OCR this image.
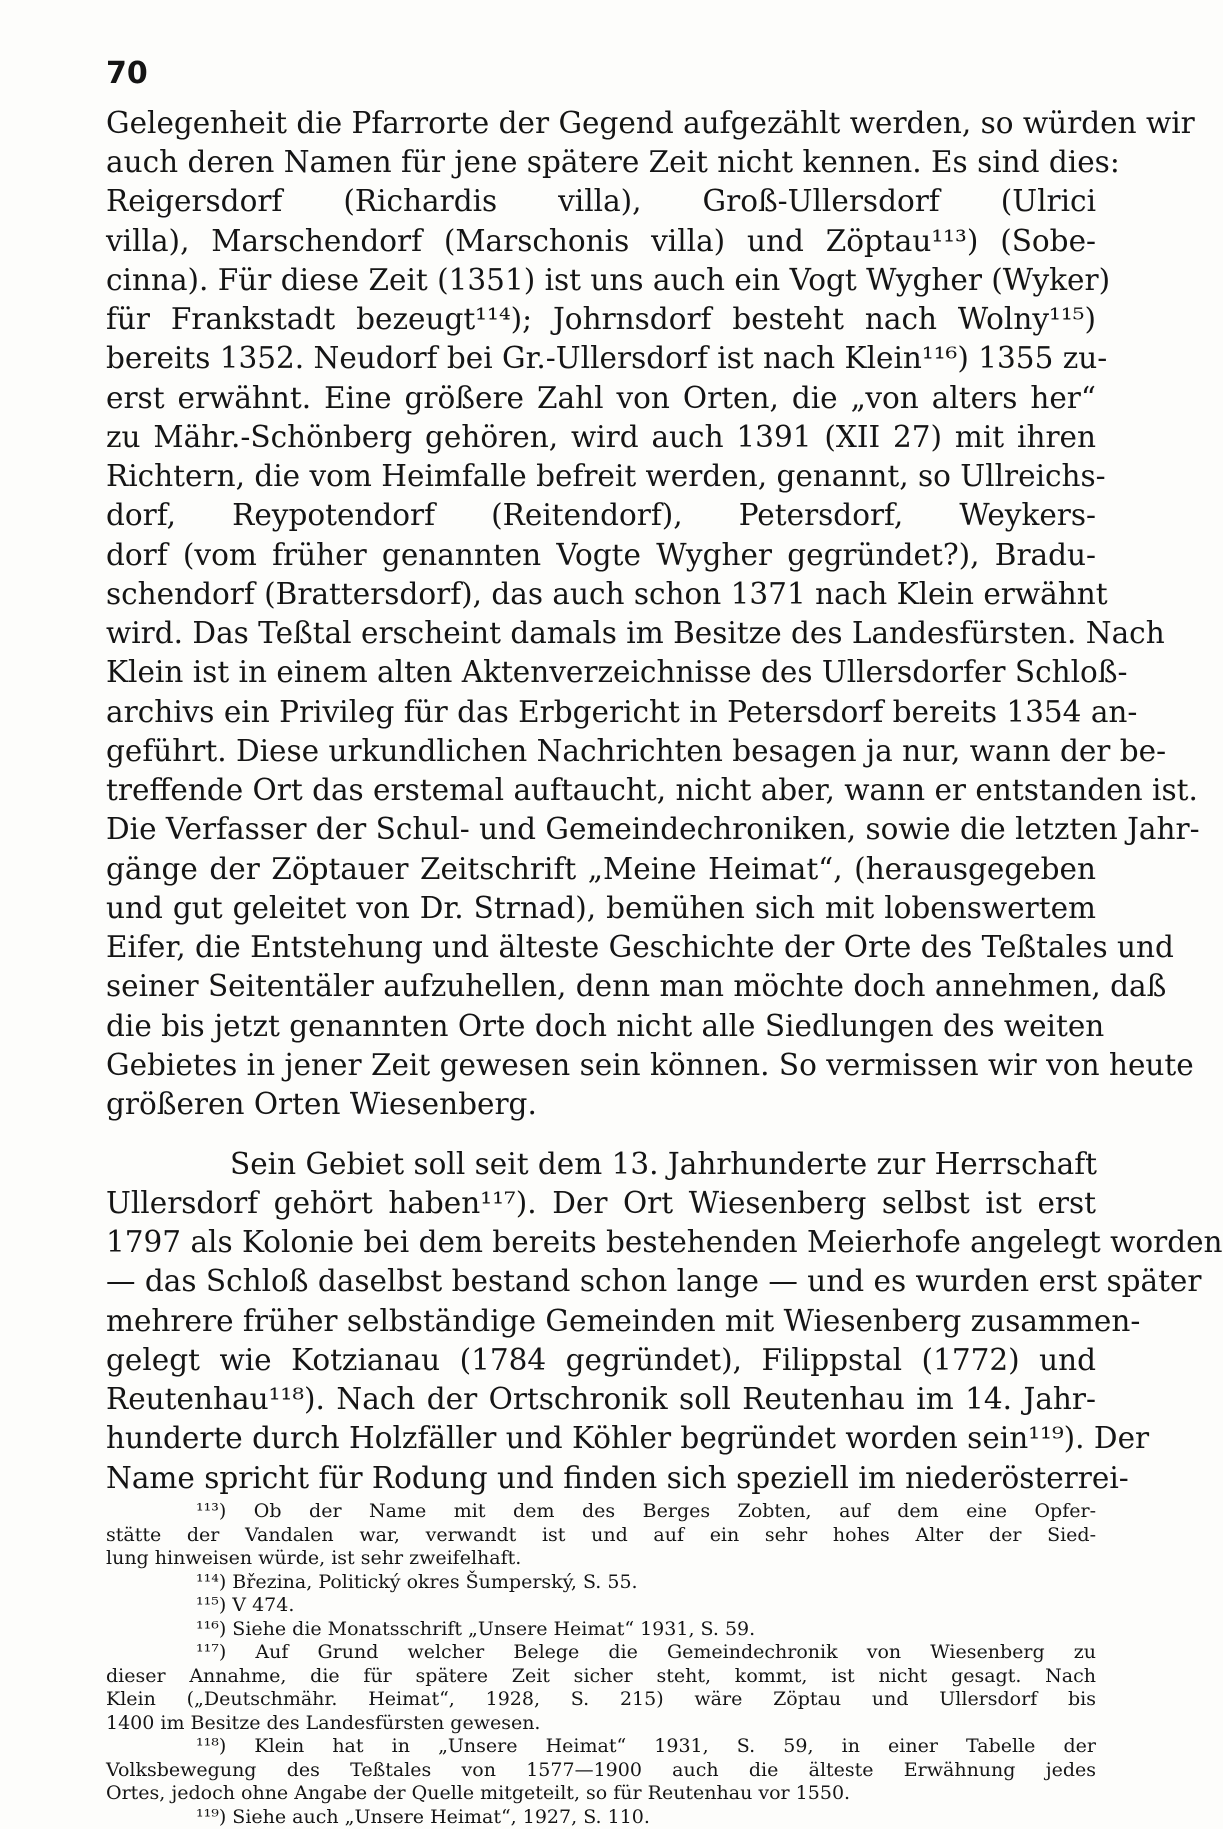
70
Gelegenheit die Pfarrorte der Gegend aufgezählt werden, so würden wir
auch deren Namen für jene spätere Zeit nicht kennen. Es sind dies:
Reigersdorf (Richardis villa), Groß-Ullersdorf (Ulrici
villa), Marschendorf (Marschonis villa) und Zöptau¹¹³) (Sobe-
cinna). Für diese Zeit (1351) ist uns auch ein Vogt Wygher (Wyker)
für Frankstadt bezeugt¹¹⁴); Johrnsdorf besteht nach Wolny¹¹⁵)
bereits 1352. Neudorf bei Gr.-Ullersdorf ist nach Klein¹¹⁶) 1355 zu-
erst erwähnt. Eine größere Zahl von Orten, die „von alters her“
zu Mähr.-Schönberg gehören, wird auch 1391 (XII 27) mit ihren
Richtern, die vom Heimfalle befreit werden, genannt, so Ullreichs-
dorf, Reypotendorf (Reitendorf), Petersdorf, Weykers-
dorf (vom früher genannten Vogte Wygher gegründet?), Bradu-
schendorf (Brattersdorf), das auch schon 1371 nach Klein erwähnt
wird. Das Teßtal erscheint damals im Besitze des Landesfürsten. Nach
Klein ist in einem alten Aktenverzeichnisse des Ullersdorfer Schloß-
archivs ein Privileg für das Erbgericht in Petersdorf bereits 1354 an-
geführt. Diese urkundlichen Nachrichten besagen ja nur, wann der be-
treffende Ort das erstemal auftaucht, nicht aber, wann er entstanden ist.
Die Verfasser der Schul- und Gemeindechroniken, sowie die letzten Jahr-
gänge der Zöptauer Zeitschrift „Meine Heimat“, (herausgegeben
und gut geleitet von Dr. Strnad), bemühen sich mit lobenswertem
Eifer, die Entstehung und älteste Geschichte der Orte des Teßtales und
seiner Seitentäler aufzuhellen, denn man möchte doch annehmen, daß
die bis jetzt genannten Orte doch nicht alle Siedlungen des weiten
Gebietes in jener Zeit gewesen sein können. So vermissen wir von heute
größeren Orten Wiesenberg.
Sein Gebiet soll seit dem 13. Jahrhunderte zur Herrschaft
Ullersdorf gehört haben¹¹⁷). Der Ort Wiesenberg selbst ist erst
1797 als Kolonie bei dem bereits bestehenden Meierhofe angelegt worden
— das Schloß daselbst bestand schon lange — und es wurden erst später
mehrere früher selbständige Gemeinden mit Wiesenberg zusammen-
gelegt wie Kotzianau (1784 gegründet), Filippstal (1772) und
Reutenhau¹¹⁸). Nach der Ortschronik soll Reutenhau im 14. Jahr-
hunderte durch Holzfäller und Köhler begründet worden sein¹¹⁹). Der
Name spricht für Rodung und finden sich speziell im niederösterrei-
¹¹³) Ob der Name mit dem des Berges Zobten, auf dem eine Opfer-
stätte der Vandalen war, verwandt ist und auf ein sehr hohes Alter der Sied-
lung hinweisen würde, ist sehr zweifelhaft.
¹¹⁴) Březina, Politický okres Šumperský, S. 55.
¹¹⁵) V 474.
¹¹⁶) Siehe die Monatsschrift „Unsere Heimat“ 1931, S. 59.
¹¹⁷) Auf Grund welcher Belege die Gemeindechronik von Wiesenberg zu
dieser Annahme, die für spätere Zeit sicher steht, kommt, ist nicht gesagt. Nach
Klein („Deutschmähr. Heimat“, 1928, S. 215) wäre Zöptau und Ullersdorf bis
1400 im Besitze des Landesfürsten gewesen.
¹¹⁸) Klein hat in „Unsere Heimat“ 1931, S. 59, in einer Tabelle der
Volksbewegung des Teßtales von 1577—1900 auch die älteste Erwähnung jedes
Ortes, jedoch ohne Angabe der Quelle mitgeteilt, so für Reutenhau vor 1550.
¹¹⁹) Siehe auch „Unsere Heimat“, 1927, S. 110.
